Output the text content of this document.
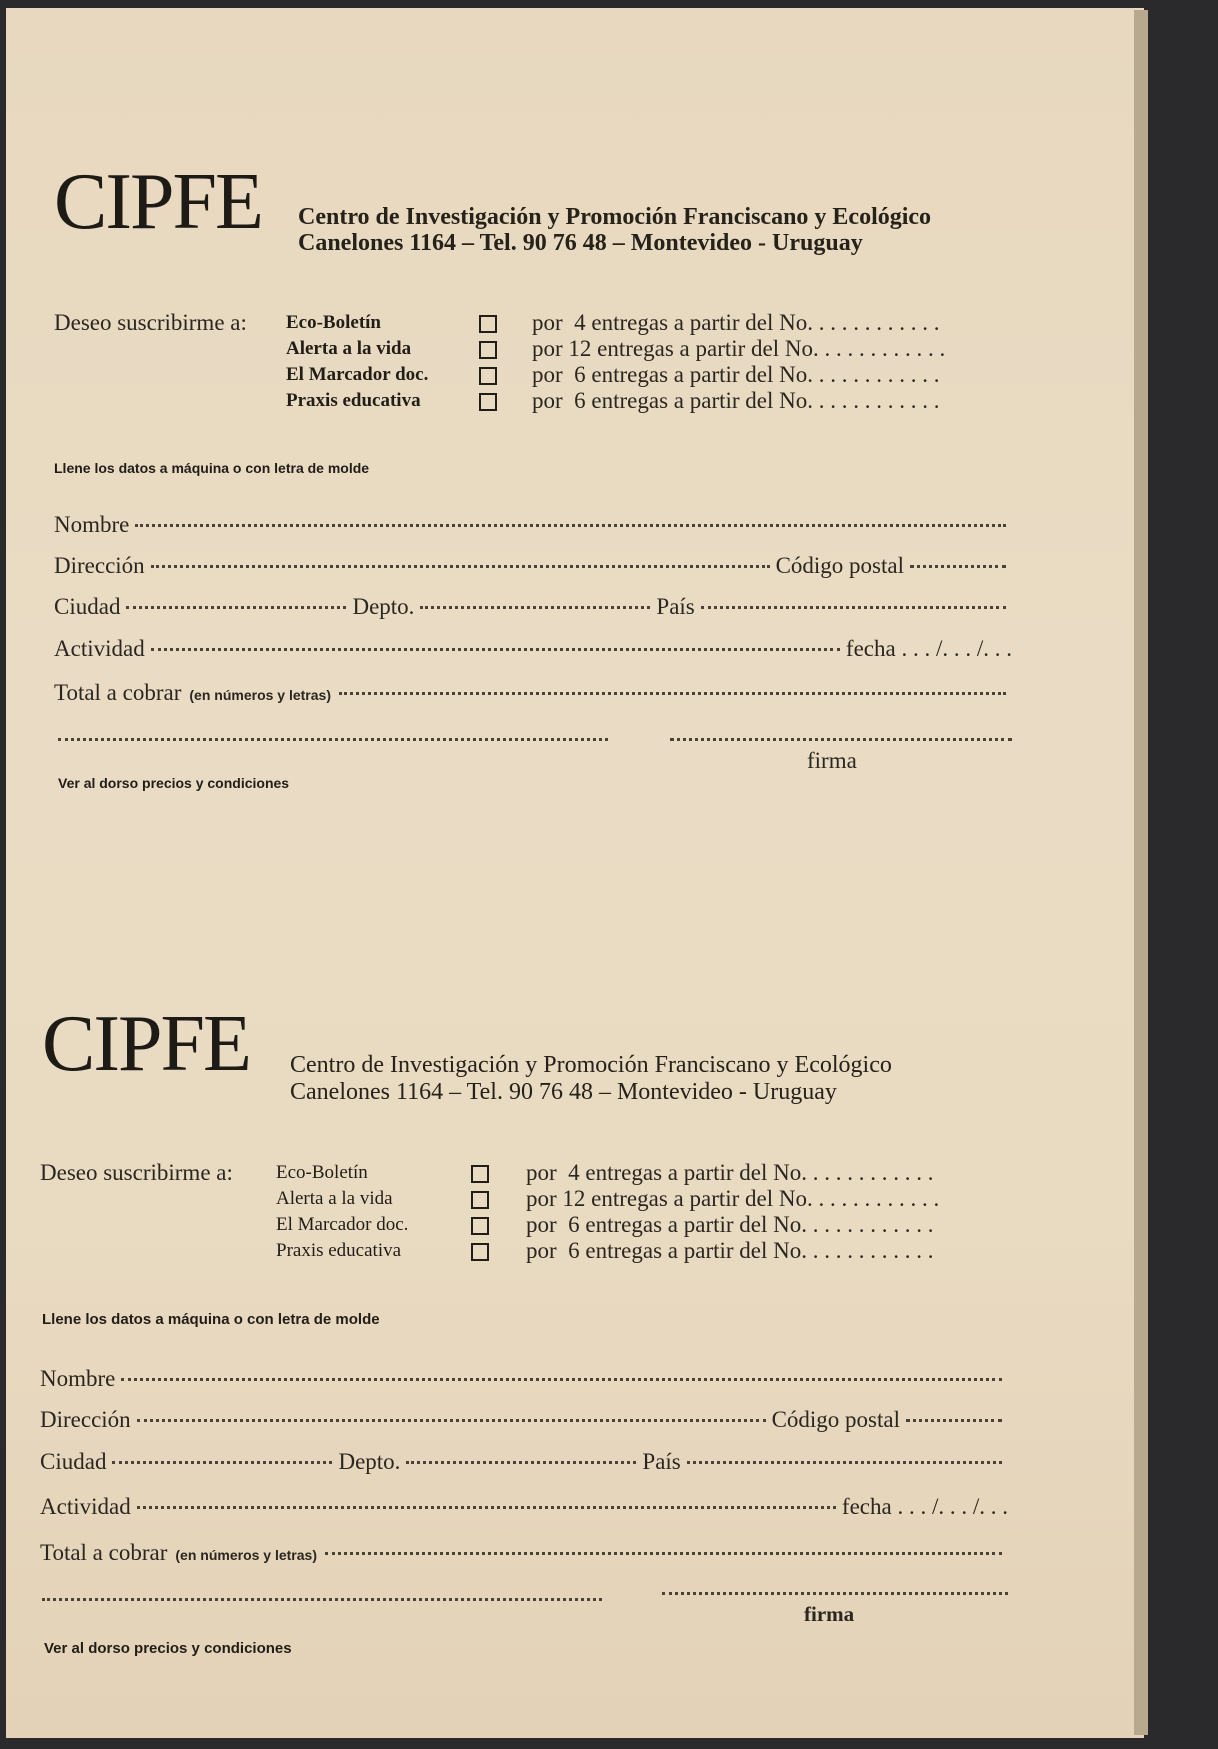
CIPFE Centro de Investigación y Promoción Franciscano y Ecológico
Canelones 1164 – Tel. 90 76 48 – Montevideo - Uruguay
Deseo suscribirme a: Eco-Boletín	por  4 entregas a partir del No. . . . . . . . . . . .
Alerta a la vida	por 12 entregas a partir del No. . . . . . . . . . . .
El Marcador doc.	por  6 entregas a partir del No. . . . . . . . . . . .
Praxis educativa	por  6 entregas a partir del No. . . . . . . . . . . .
Llene los datos a máquina o con letra de molde
Nombre
Dirección	Código postal
Ciudad	Depto.	País
Actividad	fecha . . . /. . . /. . .
Total a cobrar (en números y letras)
firma
Ver al dorso precios y condiciones
CIPFE Centro de Investigación y Promoción Franciscano y Ecológico
Canelones 1164 – Tel. 90 76 48 – Montevideo - Uruguay
Deseo suscribirme a: Eco-Boletín	por  4 entregas a partir del No. . . . . . . . . . . .
Alerta a la vida	por 12 entregas a partir del No. . . . . . . . . . . .
El Marcador doc.	por  6 entregas a partir del No. . . . . . . . . . . .
Praxis educativa	por  6 entregas a partir del No. . . . . . . . . . . .
Llene los datos a máquina o con letra de molde
Nombre
Dirección	Código postal
Ciudad	Depto.	País
Actividad	fecha . . . /. . . /. . .
Total a cobrar (en números y letras)
firma
Ver al dorso precios y condiciones
